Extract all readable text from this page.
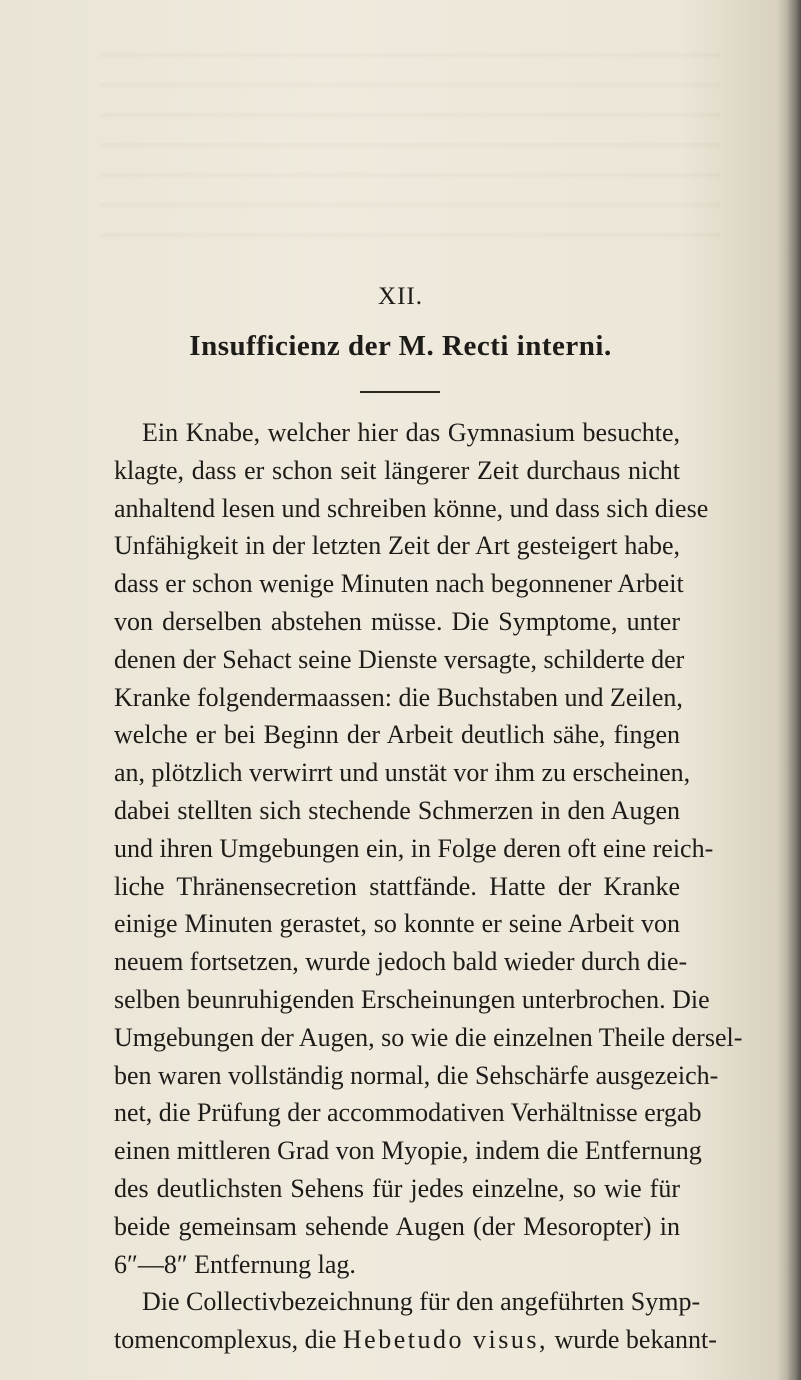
XII.
Insufficienz der M. Recti interni.
Ein Knabe, welcher hier das Gymnasium besuchte,
klagte, dass er schon seit längerer Zeit durchaus nicht
anhaltend lesen und schreiben könne, und dass sich diese
Unfähigkeit in der letzten Zeit der Art gesteigert habe,
dass er schon wenige Minuten nach begonnener Arbeit
von derselben abstehen müsse. Die Symptome, unter
denen der Sehact seine Dienste versagte, schilderte der
Kranke folgendermaassen: die Buchstaben und Zeilen,
welche er bei Beginn der Arbeit deutlich sähe, fingen
an, plötzlich verwirrt und unstät vor ihm zu erscheinen,
dabei stellten sich stechende Schmerzen in den Augen
und ihren Umgebungen ein, in Folge deren oft eine reich-
liche Thränensecretion stattfände. Hatte der Kranke
einige Minuten gerastet, so konnte er seine Arbeit von
neuem fortsetzen, wurde jedoch bald wieder durch die-
selben beunruhigenden Erscheinungen unterbrochen. Die
Umgebungen der Augen, so wie die einzelnen Theile dersel-
ben waren vollständig normal, die Sehschärfe ausgezeich-
net, die Prüfung der accommodativen Verhältnisse ergab
einen mittleren Grad von Myopie, indem die Entfernung
des deutlichsten Sehens für jedes einzelne, so wie für
beide gemeinsam sehende Augen (der Mesoropter) in
6″—8″ Entfernung lag.
Die Collectivbezeichnung für den angeführten Symp-
tomencomplexus, die Hebetudo visus, wurde bekannt-
